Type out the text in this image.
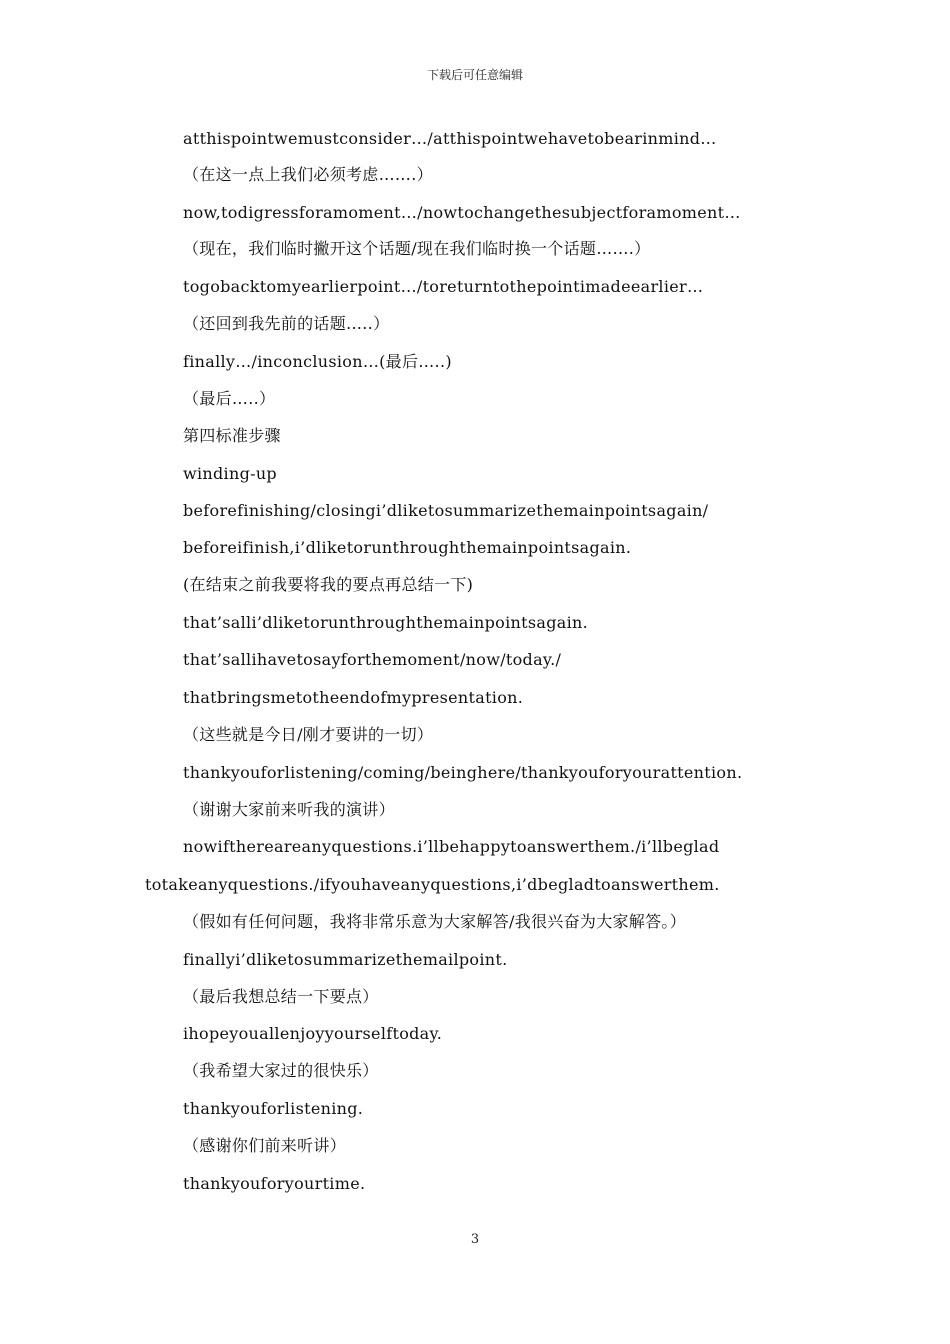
下载后可任意编辑
atthispointwemustconsider…/atthispointwehavetobearinmind…
（在这一点上我们必须考虑…….）
now,todigressforamoment…/nowtochangethesubjectforamoment…
（现在，我们临时撇开这个话题/现在我们临时换一个话题…….）
togobacktomyearlierpoint…/toreturntothepointimadeearlier…
（还回到我先前的话题…..）
finally…/inconclusion…(最后…..)
（最后…..）
第四标准步骤
winding-up
beforefinishing/closingi’dliketosummarizethemainpointsagain/
beforeifinish,i’dliketorunthroughthemainpointsagain.
(在结束之前我要将我的要点再总结一下)
that’salli’dliketorunthroughthemainpointsagain.
that’sallihavetosayforthemoment/now/today./
thatbringsmetotheendofmypresentation.
（这些就是今日/刚才要讲的一切）
thankyouforlistening/coming/beinghere/thankyouforyourattention.
（谢谢大家前来听我的演讲）
nowifthereareanyquestions.i’llbehappytoanswerthem./i’llbeglad
totakeanyquestions./ifyouhaveanyquestions,i’dbegladtoanswerthem.
（假如有任何问题，我将非常乐意为大家解答/我很兴奋为大家解答。）
finallyi’dliketosummarizethemailpoint.
（最后我想总结一下要点）
ihopeyouallenjoyyourselftoday.
（我希望大家过的很快乐）
thankyouforlistening.
（感谢你们前来听讲）
thankyouforyourtime.
3
